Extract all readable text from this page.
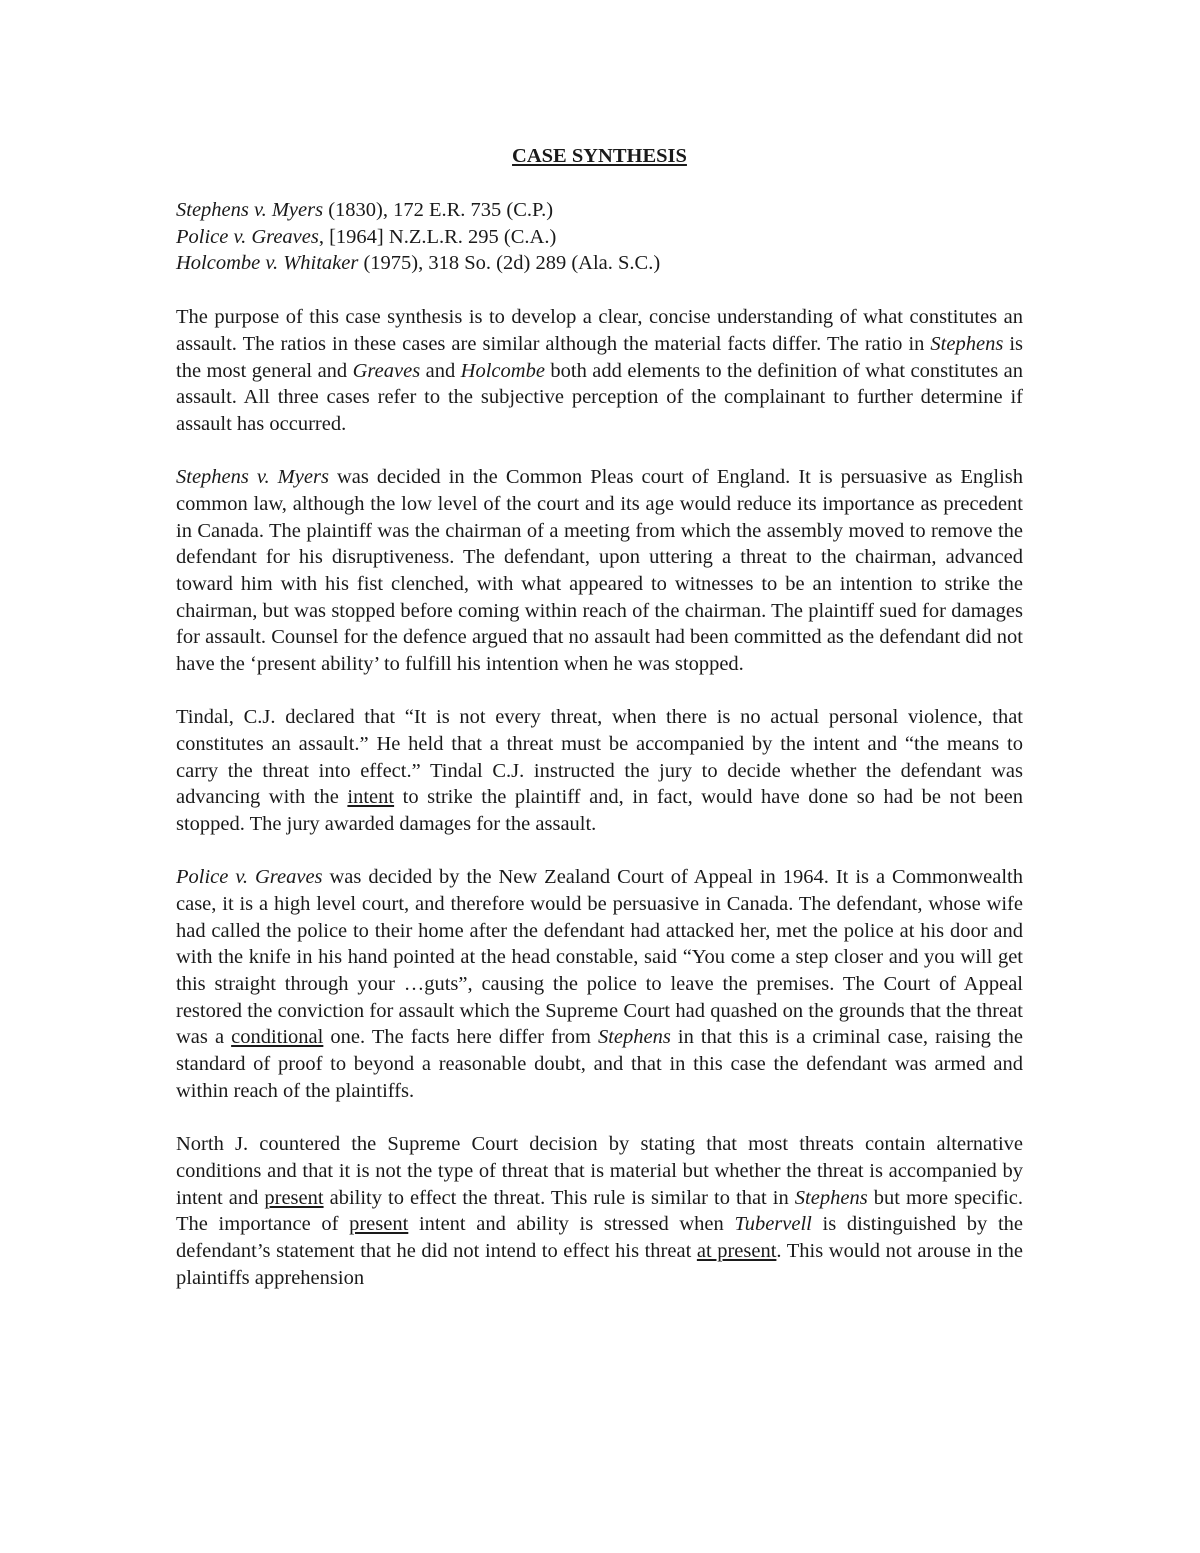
CASE SYNTHESIS
Stephens v. Myers (1830), 172 E.R. 735 (C.P.)
Police v. Greaves, [1964] N.Z.L.R. 295 (C.A.)
Holcombe v. Whitaker (1975), 318 So. (2d) 289 (Ala. S.C.)

The purpose of this case synthesis is to develop a clear, concise understanding of what constitutes an assault. The ratios in these cases are similar although the material facts differ. The ratio in Stephens is the most general and Greaves and Holcombe both add elements to the definition of what constitutes an assault. All three cases refer to the subjective perception of the complainant to further determine if assault has occurred.

Stephens v. Myers was decided in the Common Pleas court of England. It is persuasive as English common law, although the low level of the court and its age would reduce its importance as precedent in Canada. The plaintiff was the chairman of a meeting from which the assembly moved to remove the defendant for his disruptiveness. The defendant, upon uttering a threat to the chairman, advanced toward him with his fist clenched, with what appeared to witnesses to be an intention to strike the chairman, but was stopped before coming within reach of the chairman. The plaintiff sued for damages for assault. Counsel for the defence argued that no assault had been committed as the defendant did not have the ‘present ability’ to fulfill his intention when he was stopped.

Tindal, C.J. declared that “It is not every threat, when there is no actual personal violence, that constitutes an assault.” He held that a threat must be accompanied by the intent and “the means to carry the threat into effect.” Tindal C.J. instructed the jury to decide whether the defendant was advancing with the intent to strike the plaintiff and, in fact, would have done so had be not been stopped. The jury awarded damages for the assault.

Police v. Greaves was decided by the New Zealand Court of Appeal in 1964. It is a Commonwealth case, it is a high level court, and therefore would be persuasive in Canada. The defendant, whose wife had called the police to their home after the defendant had attacked her, met the police at his door and with the knife in his hand pointed at the head constable, said “You come a step closer and you will get this straight through your …guts”, causing the police to leave the premises. The Court of Appeal restored the conviction for assault which the Supreme Court had quashed on the grounds that the threat was a conditional one. The facts here differ from Stephens in that this is a criminal case, raising the standard of proof to beyond a reasonable doubt, and that in this case the defendant was armed and within reach of the plaintiffs.

North J. countered the Supreme Court decision by stating that most threats contain alternative conditions and that it is not the type of threat that is material but whether the threat is accompanied by intent and present ability to effect the threat. This rule is similar to that in Stephens but more specific. The importance of present intent and ability is stressed when Tubervell is distinguished by the defendant’s statement that he did not intend to effect his threat at present. This would not arouse in the plaintiffs apprehension
